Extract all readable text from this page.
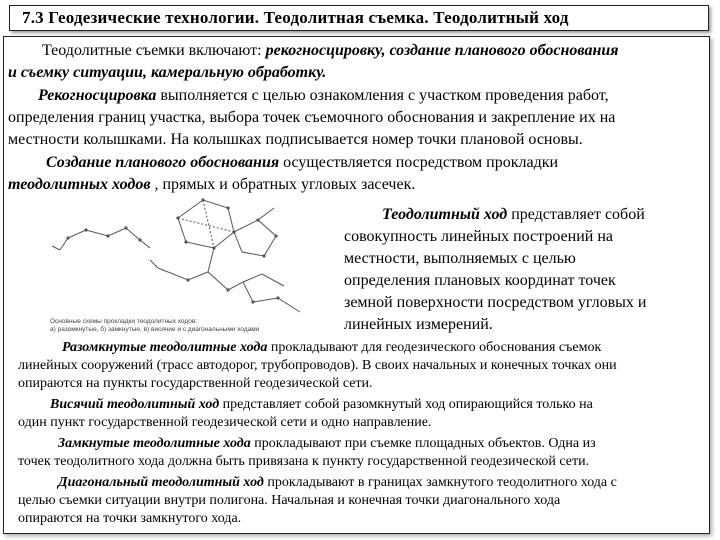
7.3 Геодезические технологии. Теодолитная съемка. Теодолитный ход
Теодолитные съемки включают: рекогносцировку, создание планового обоснования
и съемку ситуации, камеральную обработку.
Рекогносцировка выполняется с целью ознакомления с участком проведения работ,
определения границ участка, выбора точек съемочного обоснования и закрепление их на
местности колышками. На колышках подписывается номер точки плановой основы.
Создание планового обоснования осуществляется посредством прокладки
теодолитных ходов , прямых и обратных угловых засечек.
Основные схемы прокладки теодолитных ходов:
а) разомкнутые, б) замкнутые, в) висячие и с диагональными ходами
Теодолитный ход представляет собой
совокупность линейных построений на
местности, выполняемых с целью
определения плановых координат точек
земной поверхности посредством угловых и
линейных измерений.
Разомкнутые теодолитные хода прокладывают для геодезического обоснования съемок
линейных сооружений (трасс автодорог, трубопроводов). В своих начальных и конечных точках они
опираются на пункты государственной геодезической сети.
Висячий теодолитный ход представляет собой разомкнутый ход опирающийся только на
один пункт государственной геодезической сети и одно направление.
Замкнутые теодолитные хода прокладывают при съемке площадных объектов. Одна из
точек теодолитного хода должна быть привязана к пункту государственной геодезической сети.
Диагональный теодолитный ход прокладывают в границах замкнутого теодолитного хода с
целью съемки ситуации внутри полигона. Начальная и конечная точки диагонального хода
опираются на точки замкнутого хода.
